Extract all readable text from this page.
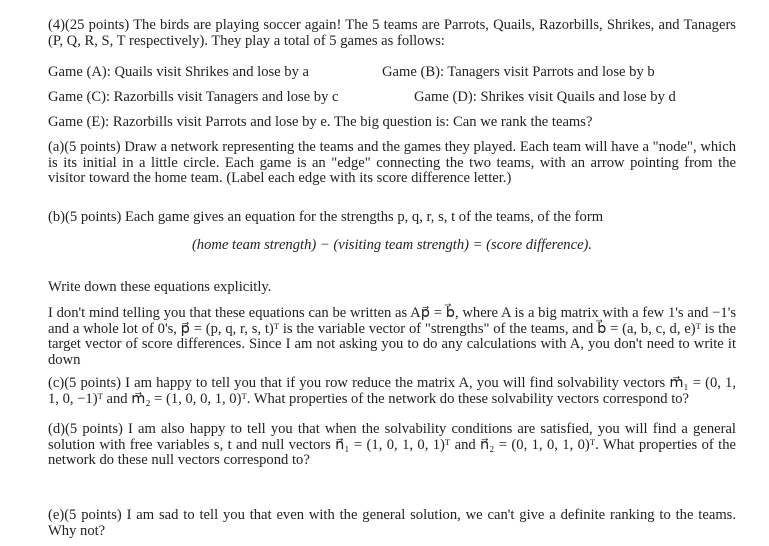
(4)(25 points) The birds are playing soccer again! The 5 teams are Parrots, Quails, Razorbills, Shrikes, and Tanagers (P, Q, R, S, T respectively). They play a total of 5 games as follows:
Game (A): Quails visit Shrikes and lose by a	Game (B): Tanagers visit Parrots and lose by b
Game (C): Razorbills visit Tanagers and lose by c	Game (D): Shrikes visit Quails and lose by d
Game (E): Razorbills visit Parrots and lose by e. The big question is: Can we rank the teams?
(a)(5 points) Draw a network representing the teams and the games they played. Each team will have a "node", which is its initial in a little circle. Each game is an "edge" connecting the two teams, with an arrow pointing from the visitor toward the home team. (Label each edge with its score difference letter.)
(b)(5 points) Each game gives an equation for the strengths p, q, r, s, t of the teams, of the form
(home team strength) − (visiting team strength) = (score difference).
Write down these equations explicitly.
I don't mind telling you that these equations can be written as Ap⃗ = b⃗, where A is a big matrix with a few 1's and −1's and a whole lot of 0's, p⃗ = (p, q, r, s, t)ᵀ is the variable vector of "strengths" of the teams, and b⃗ = (a, b, c, d, e)ᵀ is the target vector of score differences. Since I am not asking you to do any calculations with A, you don't need to write it down
(c)(5 points) I am happy to tell you that if you row reduce the matrix A, you will find solvability vectors m⃗₁ = (0, 1, 1, 0, −1)ᵀ and m⃗₂ = (1, 0, 0, 1, 0)ᵀ. What properties of the network do these solvability vectors correspond to?
(d)(5 points) I am also happy to tell you that when the solvability conditions are satisfied, you will find a general solution with free variables s, t and null vectors n⃗₁ = (1, 0, 1, 0, 1)ᵀ and n⃗₂ = (0, 1, 0, 1, 0)ᵀ. What properties of the network do these null vectors correspond to?
(e)(5 points) I am sad to tell you that even with the general solution, we can't give a definite ranking to the teams. Why not?
